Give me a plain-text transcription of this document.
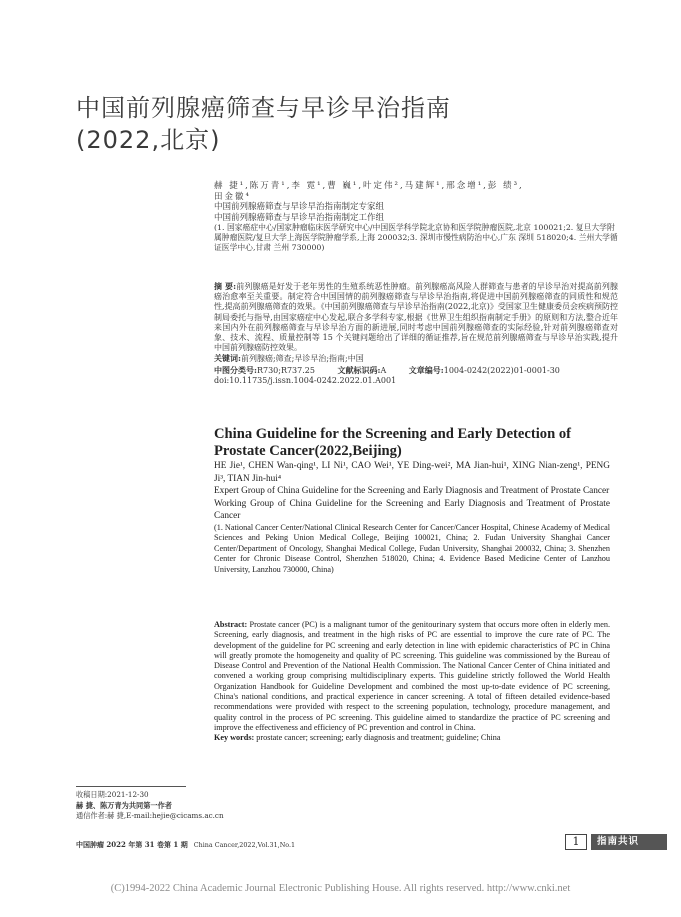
中国前列腺癌筛查与早诊早治指南
(2022,北京)
赫 捷¹,陈万青¹,李 霓¹,曹 巍¹,叶定伟²,马建辉¹,邢念增¹,彭 绩³,
田金徽⁴
中国前列腺癌筛查与早诊早治指南制定专家组
中国前列腺癌筛查与早诊早治指南制定工作组
(1. 国家癌症中心/国家肿瘤临床医学研究中心/中国医学科学院北京协和医学院肿瘤医院,北京 100021;2. 复旦大学附属肿瘤医院/复旦大学上海医学院肿瘤学系,上海 200032;3. 深圳市慢性病防治中心,广东 深圳 518020;4. 兰州大学循证医学中心,甘肃 兰州 730000)
摘 要:前列腺癌是好发于老年男性的生殖系统恶性肿瘤。前列腺癌高风险人群筛查与患者的早诊早治对提高前列腺癌治愈率至关重要。制定符合中国国情的前列腺癌筛查与早诊早治指南,将促进中国前列腺癌筛查的同质性和规范性,提高前列腺癌筛查的效果。《中国前列腺癌筛查与早诊早治指南(2022,北京)》受国家卫生健康委员会疾病预防控制局委托与指导,由国家癌症中心发起,联合多学科专家,根据《世界卫生组织指南制定手册》的原则和方法,整合近年来国内外在前列腺癌筛查与早诊早治方面的新进展,同时考虑中国前列腺癌筛查的实际经验,针对前列腺癌筛查对象、技术、流程、质量控制等 15 个关键问题给出了详细的循证推荐,旨在规范前列腺癌筛查与早诊早治实践,提升中国前列腺癌防控效果。
关键词:前列腺癌;筛查;早诊早治;指南;中国
中图分类号:R730;R737.25	文献标识码:A	文章编号:1004-0242(2022)01-0001-30
doi:10.11735/j.issn.1004-0242.2022.01.A001
China Guideline for the Screening and Early Detection of
Prostate Cancer(2022,Beijing)
HE Jie¹, CHEN Wan-qing¹, LI Ni¹, CAO Wei¹, YE Ding-wei², MA Jian-hui¹, XING Nian-zeng¹, PENG Ji³, TIAN Jin-hui⁴
Expert Group of China Guideline for the Screening and Early Diagnosis and Treatment of Prostate Cancer
Working Group of China Guideline for the Screening and Early Diagnosis and Treatment of Prostate Cancer
(1. National Cancer Center/National Clinical Research Center for Cancer/Cancer Hospital, Chinese Academy of Medical Sciences and Peking Union Medical College, Beijing 100021, China; 2. Fudan University Shanghai Cancer Center/Department of Oncology, Shanghai Medical College, Fudan University, Shanghai 200032, China; 3. Shenzhen Center for Chronic Disease Control, Shenzhen 518020, China; 4. Evidence Based Medicine Center of Lanzhou University, Lanzhou 730000, China)
Abstract: Prostate cancer (PC) is a malignant tumor of the genitourinary system that occurs more often in elderly men. Screening, early diagnosis, and treatment in the high risks of PC are essential to improve the cure rate of PC. The development of the guideline for PC screening and early detection in line with epidemic characteristics of PC in China will greatly promote the homogeneity and quality of PC screening. This guideline was commissioned by the Bureau of Disease Control and Prevention of the National Health Commission. The National Cancer Center of China initiated and convened a working group comprising multidisciplinary experts. This guideline strictly followed the World Health Organization Handbook for Guideline Development and combined the most up-to-date evidence of PC screening, China's national conditions, and practical experience in cancer screening. A total of fifteen detailed evidence-based recommendations were provided with respect to the screening population, technology, procedure management, and quality control in the process of PC screening. This guideline aimed to standardize the practice of PC screening and improve the effectiveness and efficiency of PC prevention and control in China.
Key words: prostate cancer; screening; early diagnosis and treatment; guideline; China
收稿日期:2021-12-30
赫 捷、陈万青为共同第一作者
通信作者:赫 捷,E-mail:hejie@cicams.ac.cn
中国肿瘤 2022 年第 31 卷第 1 期 China Cancer,2022,Vol.31,No.1	1	指南共识
(C)1994-2022 China Academic Journal Electronic Publishing House. All rights reserved. http://www.cnki.net
